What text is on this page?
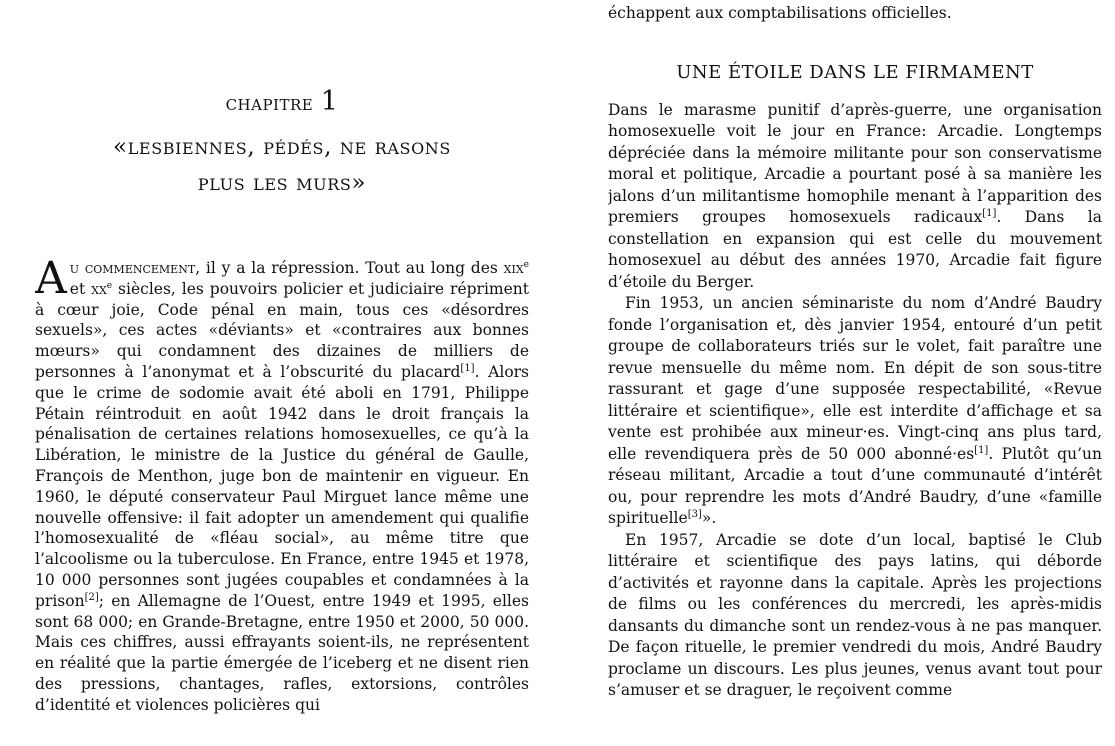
chapitre 1
«lesbiennes, pédés, ne rasons
plus les murs»
Au commencement, il y a la répression. Tout au long des xix$^e$ et $xx^e$ siècles, les pouvoirs policier et judiciaire répriment à cœur joie, Code pénal en main, tous ces «désordres sexuels», ces actes «déviants» et «contraires aux bonnes mœurs» qui condamnent des dizaines de milliers de personnes à l’anonymat et à l’obscurité du placard[1]. Alors que le crime de sodomie avait été aboli en 1791, Philippe Pétain réintroduit en août 1942 dans le droit français la pénalisation de certaines relations homosexuelles, ce qu’à la Libération, le ministre de la Justice du général de Gaulle, François de Menthon, juge bon de maintenir en vigueur. En 1960, le député conservateur Paul Mirguet lance même une nouvelle offensive: il fait adopter un amendement qui qualifie l’homosexualité de «fléau social», au même titre que l’alcoolisme ou la tuberculose. En France, entre 1945 et 1978, 10 000 personnes sont jugées coupables et condamnées à la prison[2]; en Allemagne de l’Ouest, entre 1949 et 1995, elles sont 68 000; en Grande-Bretagne, entre 1950 et 2000, 50 000. Mais ces chiffres, aussi effrayants soient-ils, ne représentent en réalité que la partie émergée de l’iceberg et ne disent rien des pressions, chantages, rafles, extorsions, contrôles d’identité et violences policières qui
échappent aux comptabilisations officielles.
UNE ÉTOILE DANS LE FIRMAMENT

Dans le marasme punitif d’après-guerre, une organisation homosexuelle voit le jour en France: Arcadie. Longtemps dépréciée dans la mémoire militante pour son conservatisme moral et politique, Arcadie a pourtant posé à sa manière les jalons d’un militantisme homophile menant à l’apparition des premiers groupes homosexuels radicaux[1]. Dans la constellation en expansion qui est celle du mouvement homosexuel au début des années 1970, Arcadie fait figure d’étoile du Berger.

Fin 1953, un ancien séminariste du nom d’André Baudry fonde l’organisation et, dès janvier 1954, entouré d’un petit groupe de collaborateurs triés sur le volet, fait paraître une revue mensuelle du même nom. En dépit de son sous-titre rassurant et gage d’une supposée respectabilité, «Revue littéraire et scientifique», elle est interdite d’affichage et sa vente est prohibée aux mineur·es. Vingt-cinq ans plus tard, elle revendiquera près de 50 000 abonné·es[1]. Plutôt qu’un réseau militant, Arcadie a tout d’une communauté d’intérêt ou, pour reprendre les mots d’André Baudry, d’une «famille spirituelle[3]».

En 1957, Arcadie se dote d’un local, baptisé le Club littéraire et scientifique des pays latins, qui déborde d’activités et rayonne dans la capitale. Après les projections de films ou les conférences du mercredi, les après-midis dansants du dimanche sont un rendez-vous à ne pas manquer. De façon rituelle, le premier vendredi du mois, André Baudry proclame un discours. Les plus jeunes, venus avant tout pour s’amuser et se draguer, le reçoivent comme
